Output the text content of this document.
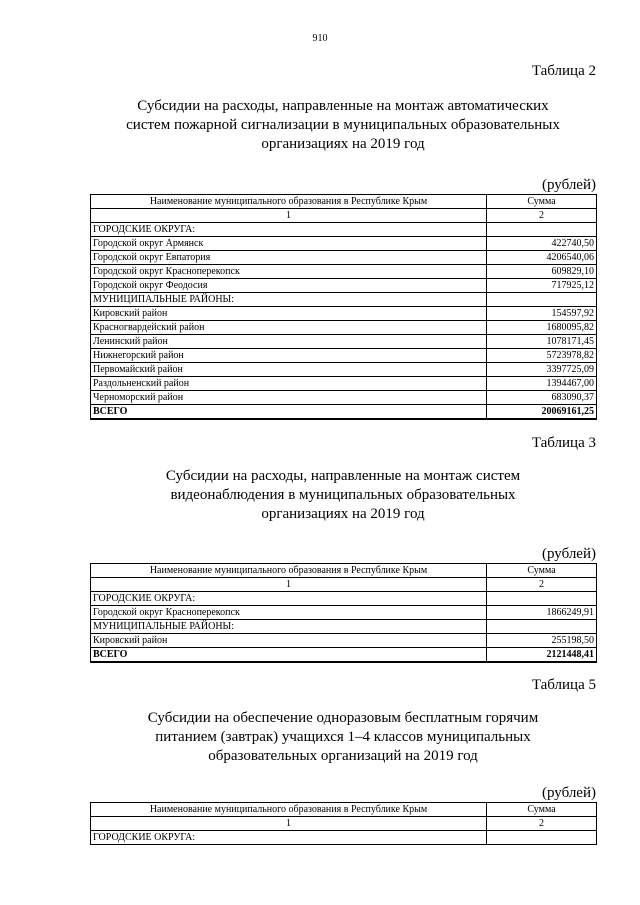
910
Таблица 2
Субсидии на расходы, направленные на монтаж автоматических
систем пожарной сигнализации в муниципальных образовательных
организациях на 2019 год
(рублей)
Наименование муниципального образования в Республике Крым	Сумма
1	2
ГОРОДСКИЕ ОКРУГА:	
Городской округ Армянск	422740,50
Городской округ Евпатория	4206540,06
Городской округ Красноперекопск	609829,10
Городской округ Феодосия	717925,12
МУНИЦИПАЛЬНЫЕ РАЙОНЫ:	
Кировский район	154597,92
Красногвардейский район	1680095,82
Ленинский район	1078171,45
Нижнегорский район	5723978,82
Первомайский район	3397725,09
Раздольненский район	1394467,00
Черноморский район	683090,37
ВСЕГО	20069161,25
Таблица 3
Субсидии на расходы, направленные на монтаж систем
видеонаблюдения в муниципальных образовательных
организациях на 2019 год
(рублей)
Наименование муниципального образования в Республике Крым	Сумма
1	2
ГОРОДСКИЕ ОКРУГА:	
Городской округ Красноперекопск	1866249,91
МУНИЦИПАЛЬНЫЕ РАЙОНЫ:	
Кировский район	255198,50
ВСЕГО	2121448,41
Таблица 5
Субсидии на обеспечение одноразовым бесплатным горячим
питанием (завтрак) учащихся 1–4 классов муниципальных
образовательных организаций на 2019 год
(рублей)
Наименование муниципального образования в Республике Крым	Сумма
1	2
ГОРОДСКИЕ ОКРУГА:	
